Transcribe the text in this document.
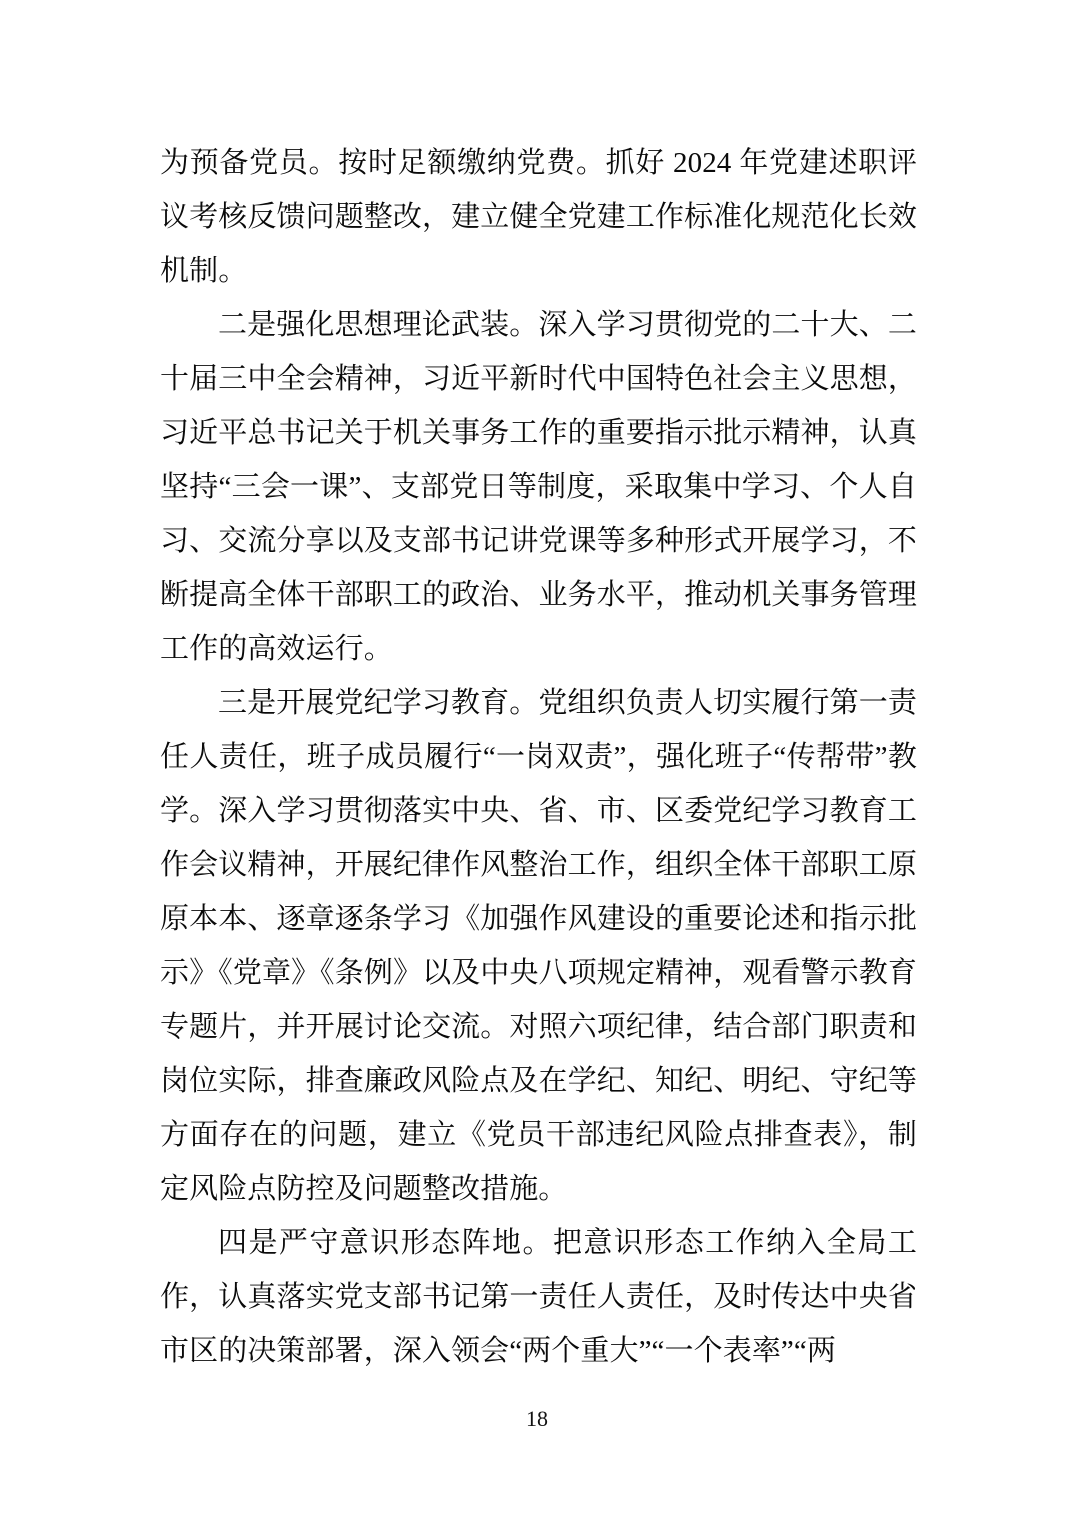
为预备党员。按时足额缴纳党费。抓好 2024 年党建述职评议考核反馈问题整改，建立健全党建工作标准化规范化长效机制。

二是强化思想理论武装。深入学习贯彻党的二十大、二十届三中全会精神，习近平新时代中国特色社会主义思想，习近平总书记关于机关事务工作的重要指示批示精神，认真坚持“三会一课”、支部党日等制度，采取集中学习、个人自习、交流分享以及支部书记讲党课等多种形式开展学习，不断提高全体干部职工的政治、业务水平，推动机关事务管理工作的高效运行。

三是开展党纪学习教育。党组织负责人切实履行第一责任人责任，班子成员履行“一岗双责”，强化班子“传帮带”教学。深入学习贯彻落实中央、省、市、区委党纪学习教育工作会议精神，开展纪律作风整治工作，组织全体干部职工原原本本、逐章逐条学习《加强作风建设的重要论述和指示批示》《党章》《条例》以及中央八项规定精神，观看警示教育专题片，并开展讨论交流。对照六项纪律，结合部门职责和岗位实际，排查廉政风险点及在学纪、知纪、明纪、守纪等方面存在的问题，建立《党员干部违纪风险点排查表》，制定风险点防控及问题整改措施。

四是严守意识形态阵地。把意识形态工作纳入全局工作，认真落实党支部书记第一责任人责任，及时传达中央省市区的决策部署，深入领会“两个重大”“一个表率”“两

18
